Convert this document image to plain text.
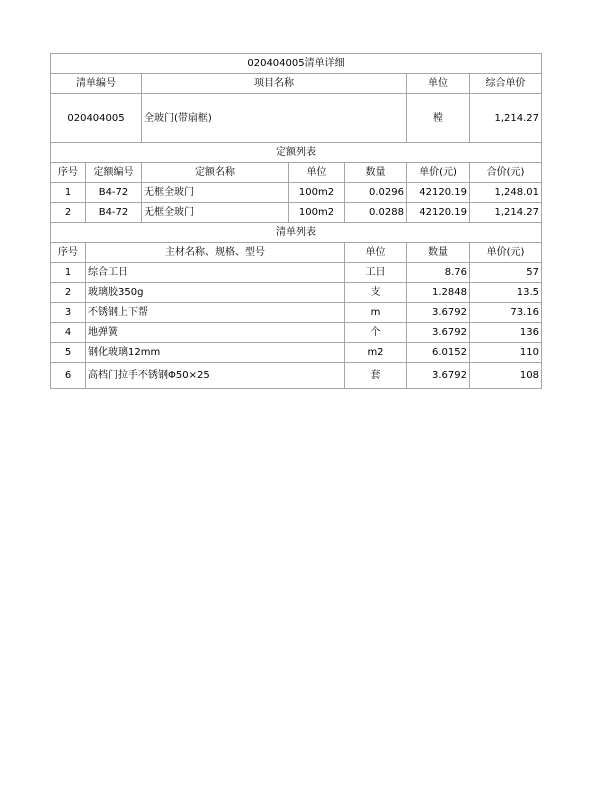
020404005清单详细							
清单编号		项目名称			单位	综合单价	
020404005		全玻门(带扇框)			樘	1,214.27	
定额列表							
序号	定额编号	定额名称	单位	数量	单价(元)	合价(元)	
1	B4-72	无框全玻门	100m2	0.0296	42120.19	1,248.01	
2	B4-72	无框全玻门	100m2	0.0288	42120.19	1,214.27	
清单列表							
序号	主材名称、规格、型号			单位	数量	单价(元)	
1	综合工日			工日	8.76	57	
2	玻璃胶350g			支	1.2848	13.5	
3	不锈钢上下帮			m	3.6792	73.16	
4	地弹簧			个	3.6792	136	
5	钢化玻璃12mm			m2	6.0152	110	
6	高档门拉手不锈钢Φ50×25			套	3.6792	108	
